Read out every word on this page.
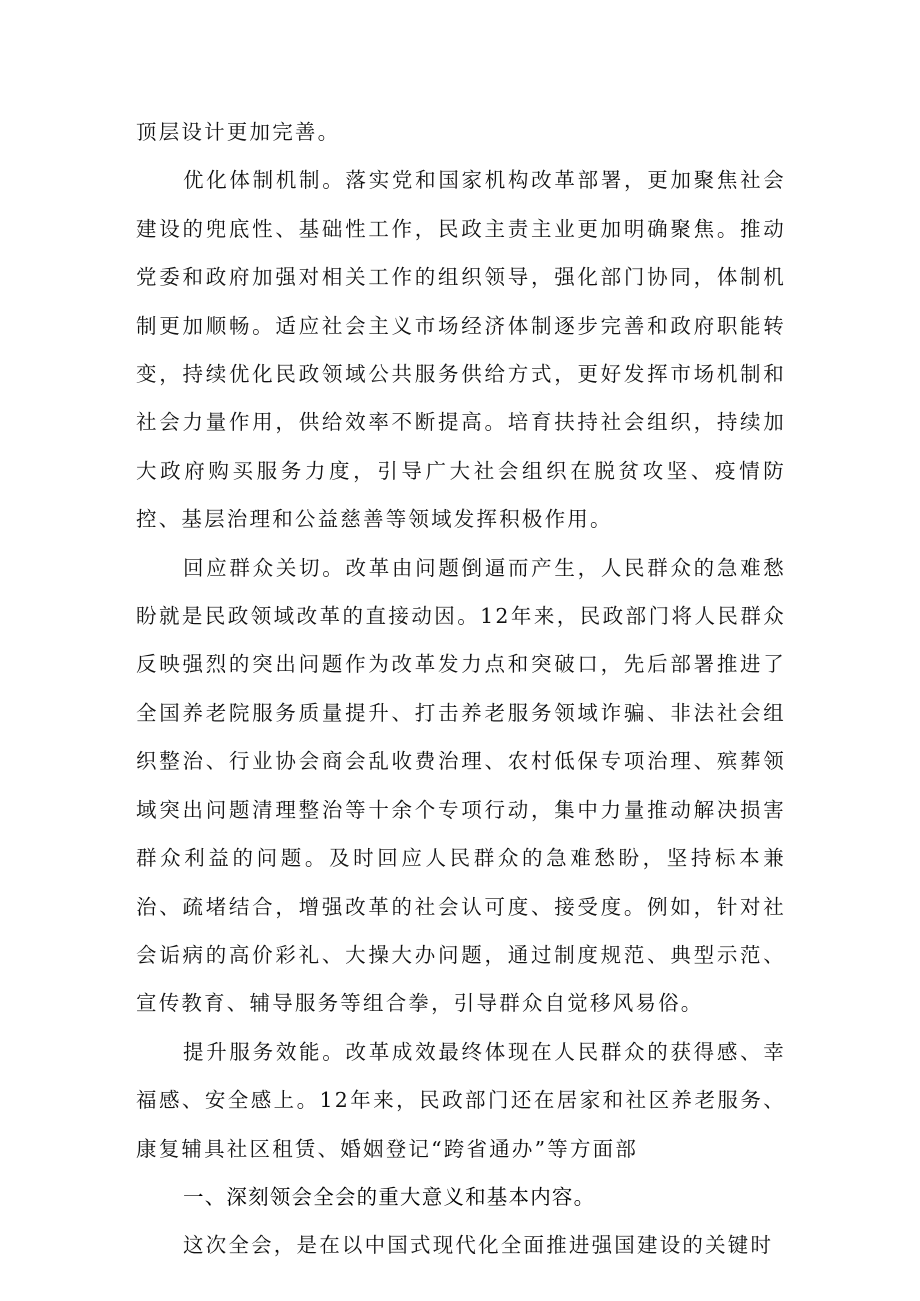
顶层设计更加完善。

优化体制机制。落实党和国家机构改革部署，更加聚焦社会建设的兜底性、基础性工作，民政主责主业更加明确聚焦。推动党委和政府加强对相关工作的组织领导，强化部门协同，体制机制更加顺畅。适应社会主义市场经济体制逐步完善和政府职能转变，持续优化民政领域公共服务供给方式，更好发挥市场机制和社会力量作用，供给效率不断提高。培育扶持社会组织，持续加大政府购买服务力度，引导广大社会组织在脱贫攻坚、疫情防控、基层治理和公益慈善等领域发挥积极作用。

回应群众关切。改革由问题倒逼而产生，人民群众的急难愁盼就是民政领域改革的直接动因。12年来，民政部门将人民群众反映强烈的突出问题作为改革发力点和突破口，先后部署推进了全国养老院服务质量提升、打击养老服务领域诈骗、非法社会组织整治、行业协会商会乱收费治理、农村低保专项治理、殡葬领域突出问题清理整治等十余个专项行动，集中力量推动解决损害群众利益的问题。及时回应人民群众的急难愁盼，坚持标本兼治、疏堵结合，增强改革的社会认可度、接受度。例如，针对社会诟病的高价彩礼、大操大办问题，通过制度规范、典型示范、宣传教育、辅导服务等组合拳，引导群众自觉移风易俗。

提升服务效能。改革成效最终体现在人民群众的获得感、幸福感、安全感上。12年来，民政部门还在居家和社区养老服务、康复辅具社区租赁、婚姻登记“跨省通办”等方面部

一、深刻领会全会的重大意义和基本内容。

这次全会，是在以中国式现代化全面推进强国建设的关键时
